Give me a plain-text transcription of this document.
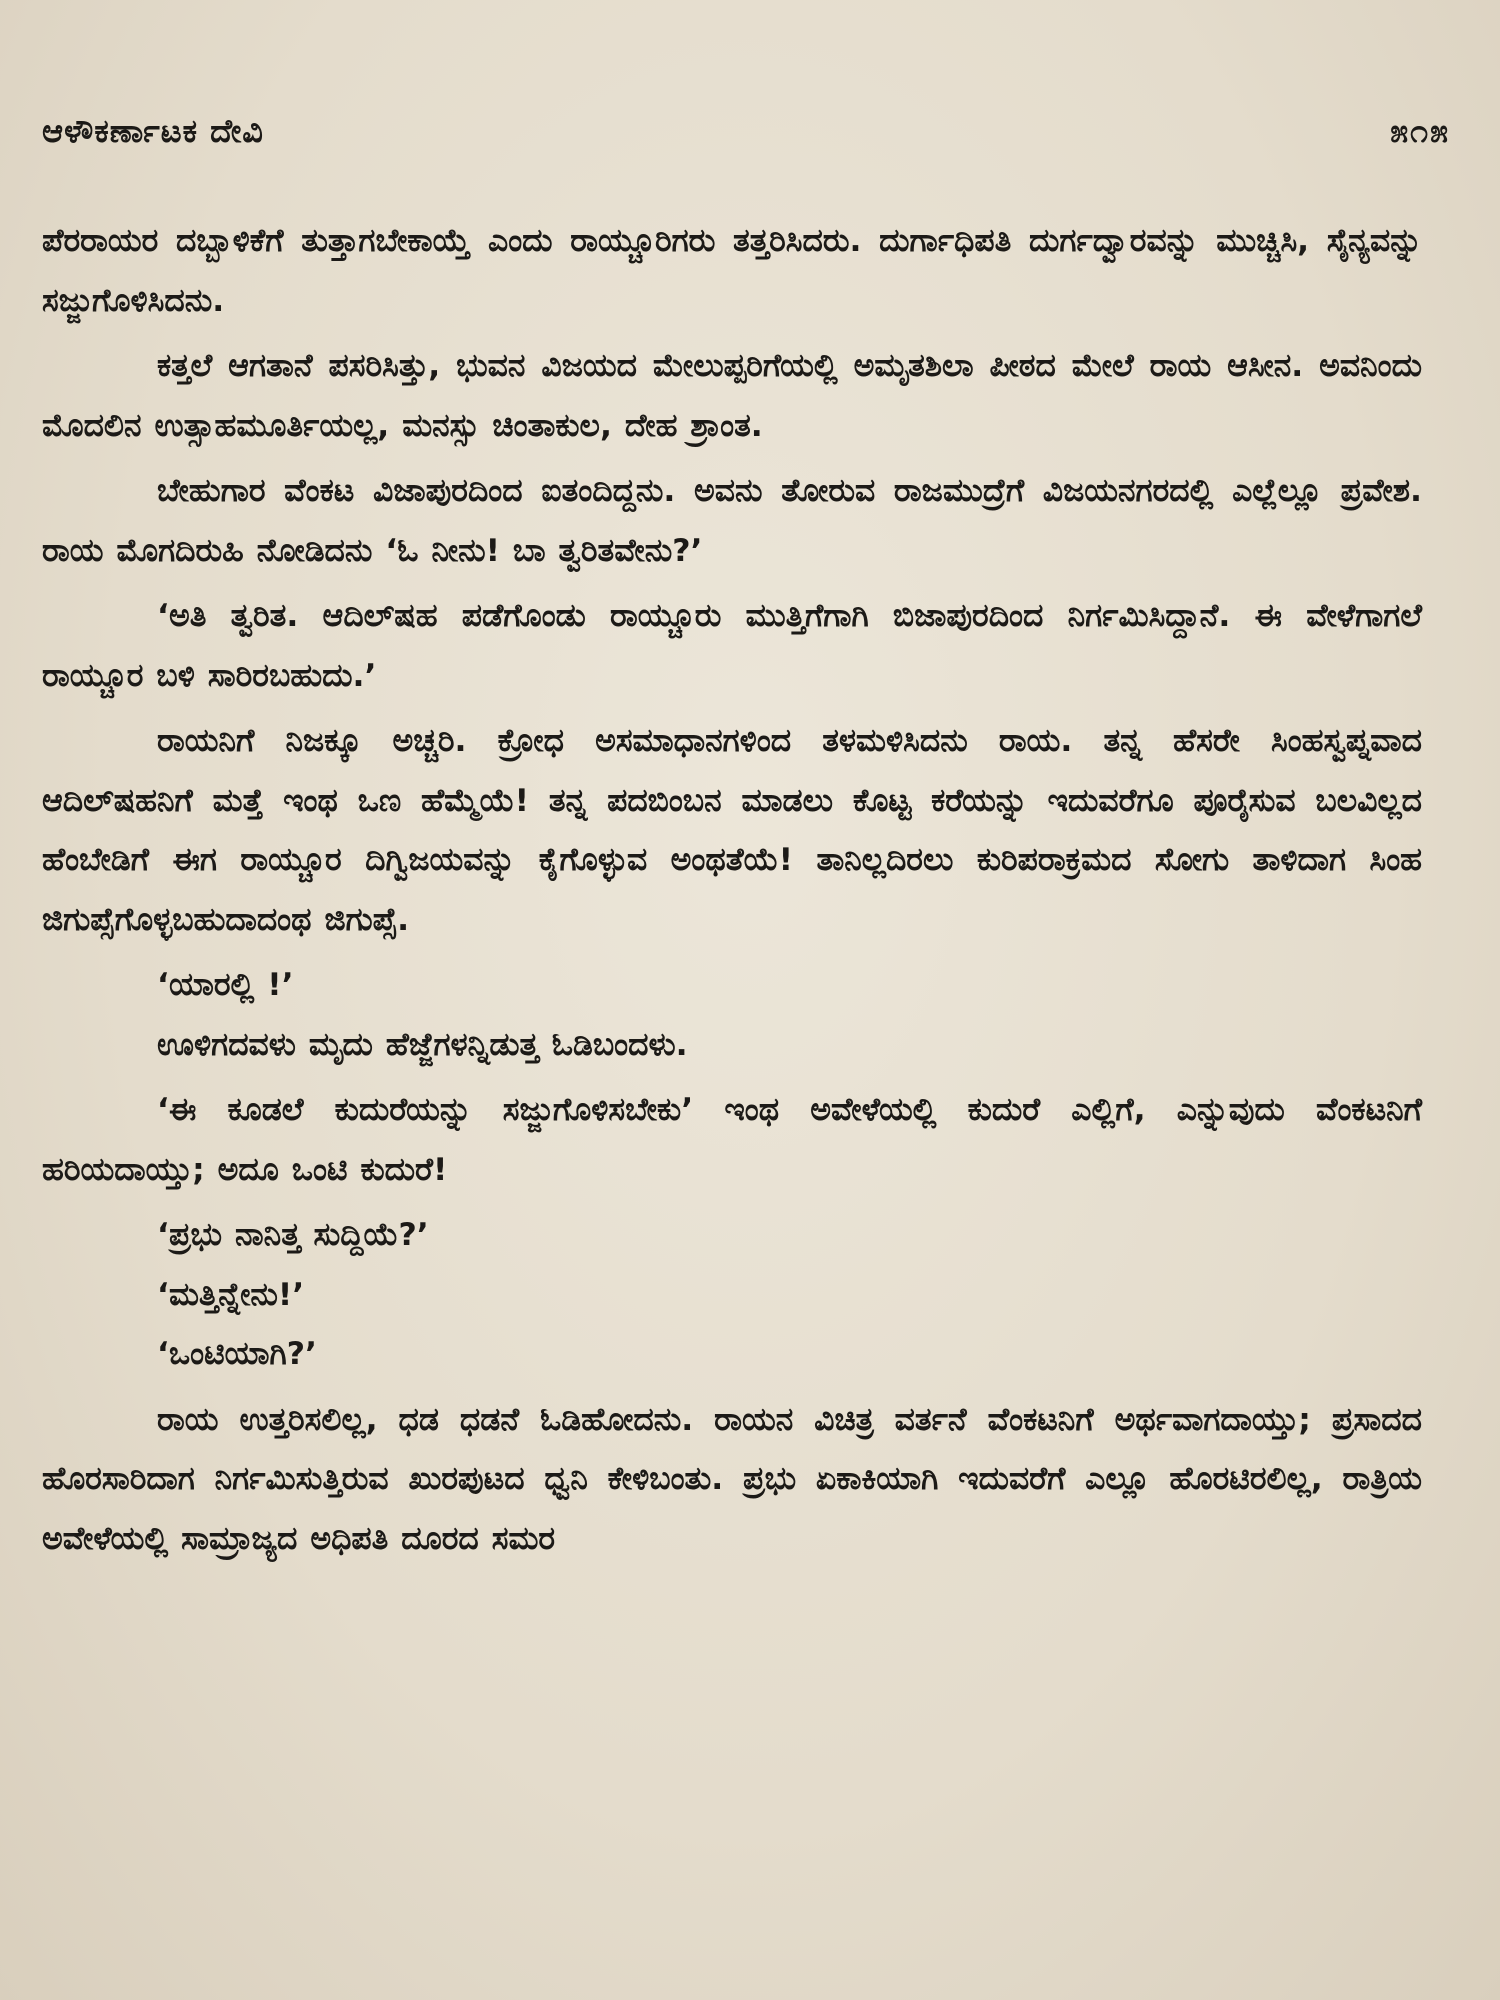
ಆಳೌಕರ್ಣಾಟಕ ದೇವಿ	೫೧೫

ಪೆರರಾಯರ ದಬ್ಬಾಳಿಕೆಗೆ ತುತ್ತಾಗಬೇಕಾಯ್ತೆ ಎಂದು ರಾಯ್ಚೂರಿಗರು ತತ್ತರಿಸಿದರು. ದುರ್ಗಾಧಿಪತಿ ದುರ್ಗದ್ವಾರವನ್ನು ಮುಚ್ಚಿಸಿ, ಸೈನ್ಯವನ್ನು ಸಜ್ಜುಗೊಳಿಸಿದನು.

ಕತ್ತಲೆ ಆಗತಾನೆ ಪಸರಿಸಿತ್ತು, ಭುವನ ವಿಜಯದ ಮೇಲುಪ್ಪರಿಗೆಯಲ್ಲಿ ಅಮೃತಶಿಲಾ ಪೀಠದ ಮೇಲೆ ರಾಯ ಆಸೀನ. ಅವನಿಂದು ಮೊದಲಿನ ಉತ್ಸಾಹಮೂರ್ತಿಯಲ್ಲ, ಮನಸ್ಸು ಚಿಂತಾಕುಲ, ದೇಹ ಶ್ರಾಂತ.

ಬೇಹುಗಾರ ವೆಂಕಟ ವಿಜಾಪುರದಿಂದ ಐತಂದಿದ್ದನು. ಅವನು ತೋರುವ ರಾಜಮುದ್ರೆಗೆ ವಿಜಯನಗರದಲ್ಲಿ ಎಲ್ಲೆಲ್ಲೂ ಪ್ರವೇಶ. ರಾಯ ಮೊಗದಿರುಹಿ ನೋಡಿದನು ‘ಓ ನೀನು! ಬಾ ತ್ವರಿತವೇನು?’

‘ಅತಿ ತ್ವರಿತ. ಆದಿಲ್‌ಷಹ ಪಡೆಗೊಂಡು ರಾಯ್ಚೂರು ಮುತ್ತಿಗೆಗಾಗಿ ಬಿಜಾಪುರದಿಂದ ನಿರ್ಗಮಿಸಿದ್ದಾನೆ. ಈ ವೇಳೆಗಾಗಲೆ ರಾಯ್ಚೂರ ಬಳಿ ಸಾರಿರಬಹುದು.’

ರಾಯನಿಗೆ ನಿಜಕ್ಕೂ ಅಚ್ಚರಿ. ಕ್ರೋಧ ಅಸಮಾಧಾನಗಳಿಂದ ತಳಮಳಿಸಿದನು ರಾಯ. ತನ್ನ ಹೆಸರೇ ಸಿಂಹಸ್ವಪ್ನವಾದ ಆದಿಲ್‌ಷಹನಿಗೆ ಮತ್ತೆ ಇಂಥ ಒಣ ಹೆಮ್ಮೆಯೆ! ತನ್ನ ಪದಬಿಂಬನ ಮಾಡಲು ಕೊಟ್ಟ ಕರೆಯನ್ನು ಇದುವರೆಗೂ ಪೂರೈಸುವ ಬಲವಿಲ್ಲದ ಹೆಂಬೇಡಿಗೆ ಈಗ ರಾಯ್ಚೂರ ದಿಗ್ವಿಜಯವನ್ನು ಕೈಗೊಳ್ಳುವ ಅಂಥತೆಯೆ! ತಾನಿಲ್ಲದಿರಲು ಕುರಿಪರಾಕ್ರಮದ ಸೋಗು ತಾಳಿದಾಗ ಸಿಂಹ ಜಿಗುಪ್ಸೆಗೊಳ್ಳಬಹುದಾದಂಥ ಜಿಗುಪ್ಸೆ.

‘ಯಾರಲ್ಲಿ !’

ಊಳಿಗದವಳು ಮೃದು ಹೆಜ್ಜೆಗಳನ್ನಿಡುತ್ತ ಓಡಿಬಂದಳು.

‘ಈ ಕೂಡಲೆ ಕುದುರೆಯನ್ನು ಸಜ್ಜುಗೊಳಿಸಬೇಕು’ ಇಂಥ ಅವೇಳೆಯಲ್ಲಿ ಕುದುರೆ ಎಲ್ಲಿಗೆ, ಎನ್ನುವುದು ವೆಂಕಟನಿಗೆ ಹರಿಯದಾಯ್ತು; ಅದೂ ಒಂಟಿ ಕುದುರೆ!

‘ಪ್ರಭು ನಾನಿತ್ತ ಸುದ್ದಿಯೆ?’

‘ಮತ್ತಿನ್ನೇನು!’

‘ಒಂಟಿಯಾಗಿ?’

ರಾಯ ಉತ್ತರಿಸಲಿಲ್ಲ, ಧಡ ಧಡನೆ ಓಡಿಹೋದನು. ರಾಯನ ವಿಚಿತ್ರ ವರ್ತನೆ ವೆಂಕಟನಿಗೆ ಅರ್ಥವಾಗದಾಯ್ತು; ಪ್ರಸಾದದ ಹೊರಸಾರಿದಾಗ ನಿರ್ಗಮಿಸುತ್ತಿರುವ ಖುರಪುಟದ ಧ್ವನಿ ಕೇಳಿಬಂತು. ಪ್ರಭು ಏಕಾಕಿಯಾಗಿ ಇದುವರೆಗೆ ಎಲ್ಲೂ ಹೊರಟಿರಲಿಲ್ಲ, ರಾತ್ರಿಯ ಅವೇಳೆಯಲ್ಲಿ ಸಾಮ್ರಾಜ್ಯದ ಅಧಿಪತಿ ದೂರದ ಸಮರ
